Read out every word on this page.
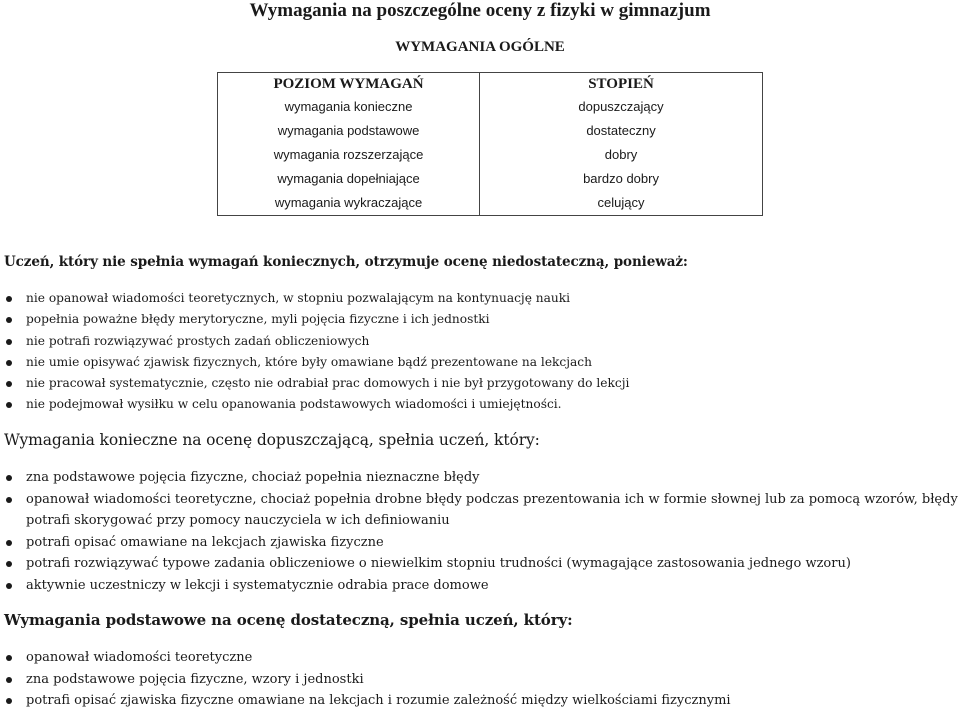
Wymagania na poszczególne oceny z fizyki w gimnazjum
WYMAGANIA OGÓLNE
POZIOM WYMAGAŃ	STOPIEŃ
wymagania konieczne	dopuszczający
wymagania podstawowe	dostateczny
wymagania rozszerzające	dobry
wymagania dopełniające	bardzo dobry
wymagania wykraczające	celujący
Uczeń, który nie spełnia wymagań koniecznych, otrzymuje ocenę niedostateczną, ponieważ:
nie opanował wiadomości teoretycznych, w stopniu pozwalającym na kontynuację nauki
popełnia poważne błędy merytoryczne, myli pojęcia fizyczne i ich jednostki
nie potrafi rozwiązywać prostych zadań obliczeniowych
nie umie opisywać zjawisk fizycznych, które były omawiane bądź prezentowane na lekcjach
nie pracował systematycznie, często nie odrabiał prac domowych i nie był przygotowany do lekcji
nie podejmował wysiłku w celu opanowania podstawowych wiadomości i umiejętności.
Wymagania konieczne na ocenę dopuszczającą, spełnia uczeń, który:
zna podstawowe pojęcia fizyczne, chociaż popełnia nieznaczne błędy
opanował wiadomości teoretyczne, chociaż popełnia drobne błędy podczas prezentowania ich w formie słownej lub za pomocą wzorów, błędy
potrafi skorygować przy pomocy nauczyciela w ich definiowaniu
potrafi opisać omawiane na lekcjach zjawiska fizyczne
potrafi rozwiązywać typowe zadania obliczeniowe o niewielkim stopniu trudności (wymagające zastosowania jednego wzoru)
aktywnie uczestniczy w lekcji i systematycznie odrabia prace domowe
Wymagania podstawowe na ocenę dostateczną, spełnia uczeń, który:
opanował wiadomości teoretyczne
zna podstawowe pojęcia fizyczne, wzory i jednostki
potrafi opisać zjawiska fizyczne omawiane na lekcjach i rozumie zależność między wielkościami fizycznymi
